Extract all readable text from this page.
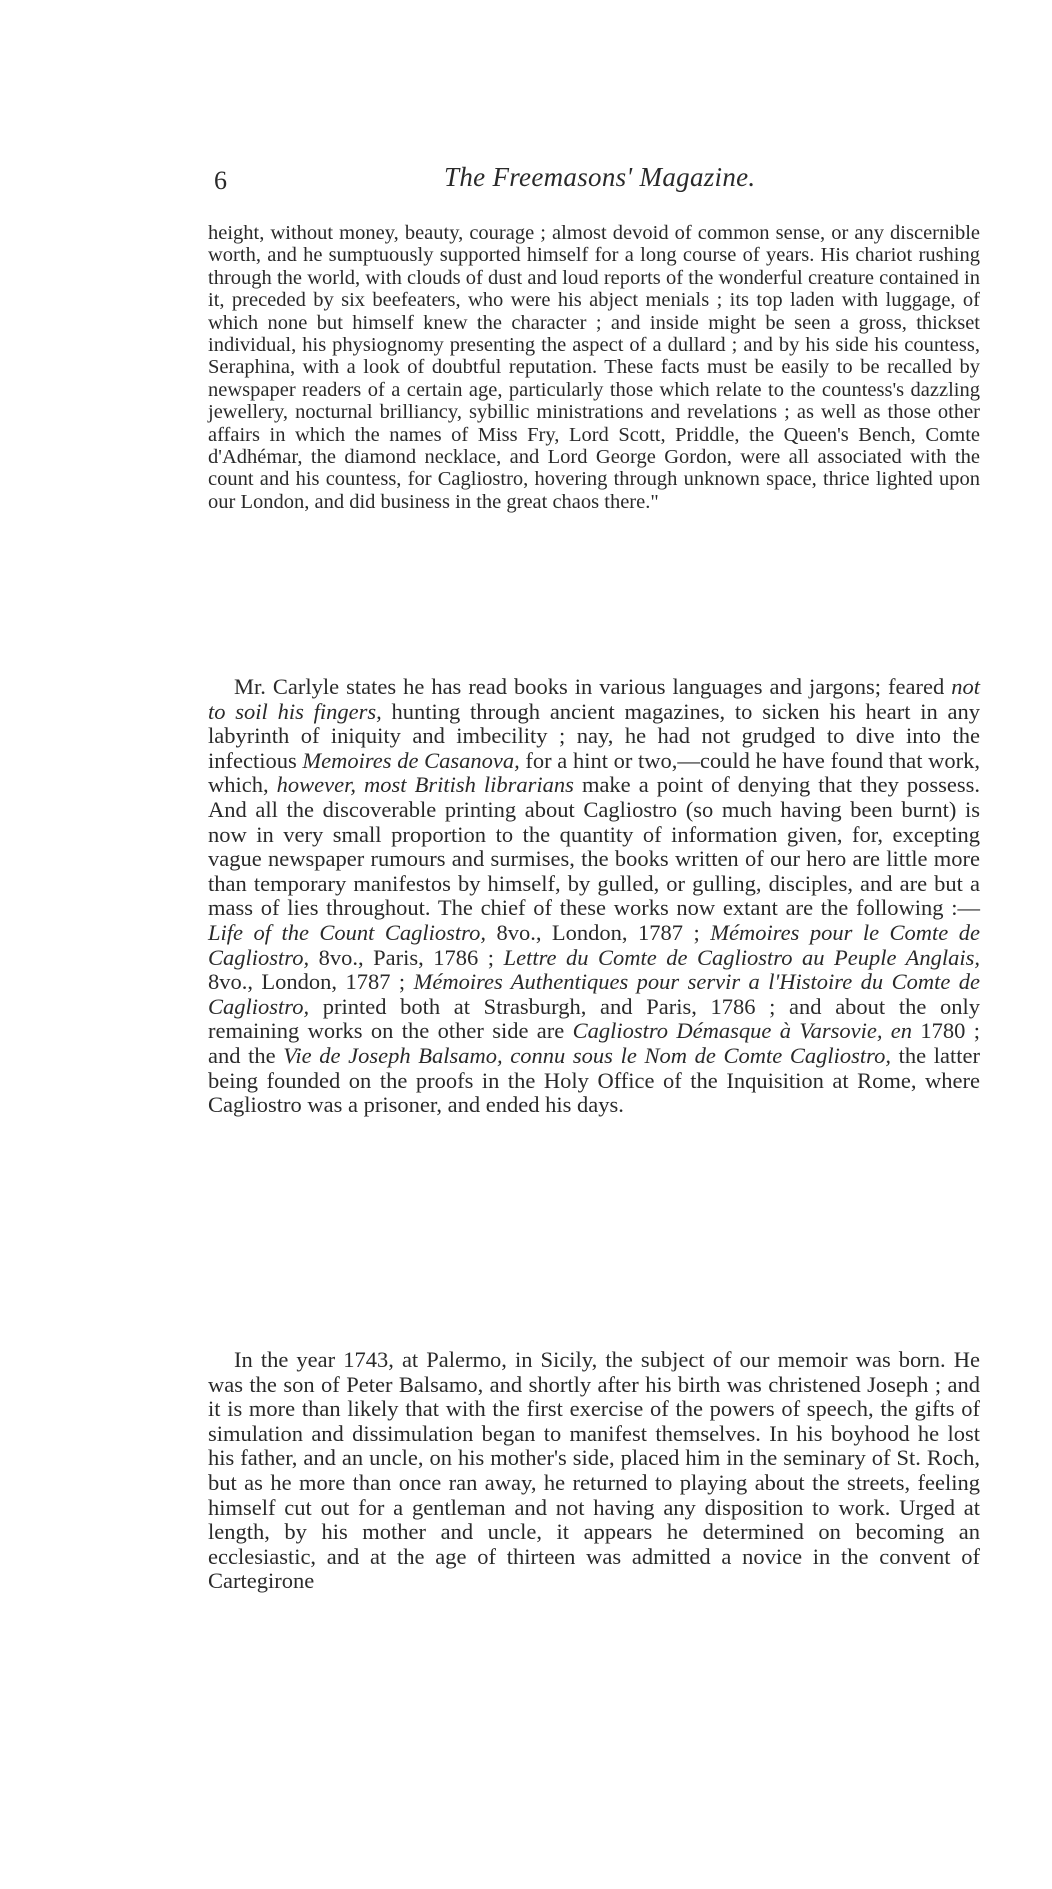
6	The Freemasons' Magazine.

height, without money, beauty, courage ; almost devoid of common sense, or any discernible worth, and he sumptuously supported himself for a long course of years. His chariot rushing through the world, with clouds of dust and loud reports of the wonderful creature contained in it, preceded by six beefeaters, who were his abject menials ; its top laden with luggage, of which none but himself knew the character ; and inside might be seen a gross, thickset individual, his physiognomy presenting the aspect of a dullard ; and by his side his countess, Seraphina, with a look of doubtful reputation. These facts must be easily to be recalled by newspaper readers of a certain age, particularly those which relate to the countess's dazzling jewellery, nocturnal brilliancy, sybillic ministrations and revelations ; as well as those other affairs in which the names of Miss Fry, Lord Scott, Priddle, the Queen's Bench, Comte d'Adhémar, the diamond necklace, and Lord George Gordon, were all associated with the count and his countess, for Cagliostro, hovering through unknown space, thrice lighted upon our London, and did business in the great chaos there."

Mr. Carlyle states he has read books in various languages and jargons; feared not to soil his fingers, hunting through ancient magazines, to sicken his heart in any labyrinth of iniquity and imbecility ; nay, he had not grudged to dive into the infectious Memoires de Casanova, for a hint or two,—could he have found that work, which, however, most British librarians make a point of denying that they possess. And all the discoverable printing about Cagliostro (so much having been burnt) is now in very small proportion to the quantity of information given, for, excepting vague newspaper rumours and surmises, the books written of our hero are little more than temporary manifestos by himself, by gulled, or gulling, disciples, and are but a mass of lies throughout. The chief of these works now extant are the following :—Life of the Count Cagliostro, 8vo., London, 1787 ; Mémoires pour le Comte de Cagliostro, 8vo., Paris, 1786 ; Lettre du Comte de Cagliostro au Peuple Anglais, 8vo., London, 1787 ; Mémoires Authentiques pour servir a l'Histoire du Comte de Cagliostro, printed both at Strasburgh, and Paris, 1786 ; and about the only remaining works on the other side are Cagliostro Démasque à Varsovie, en 1780 ; and the Vie de Joseph Balsamo, connu sous le Nom de Comte Cagliostro, the latter being founded on the proofs in the Holy Office of the Inquisition at Rome, where Cagliostro was a prisoner, and ended his days.

In the year 1743, at Palermo, in Sicily, the subject of our memoir was born. He was the son of Peter Balsamo, and shortly after his birth was christened Joseph ; and it is more than likely that with the first exercise of the powers of speech, the gifts of simulation and dissimulation began to manifest themselves. In his boyhood he lost his father, and an uncle, on his mother's side, placed him in the seminary of St. Roch, but as he more than once ran away, he returned to playing about the streets, feeling himself cut out for a gentleman and not having any disposition to work. Urged at length, by his mother and uncle, it appears he determined on becoming an ecclesiastic, and at the age of thirteen was admitted a novice in the convent of Cartegirone
